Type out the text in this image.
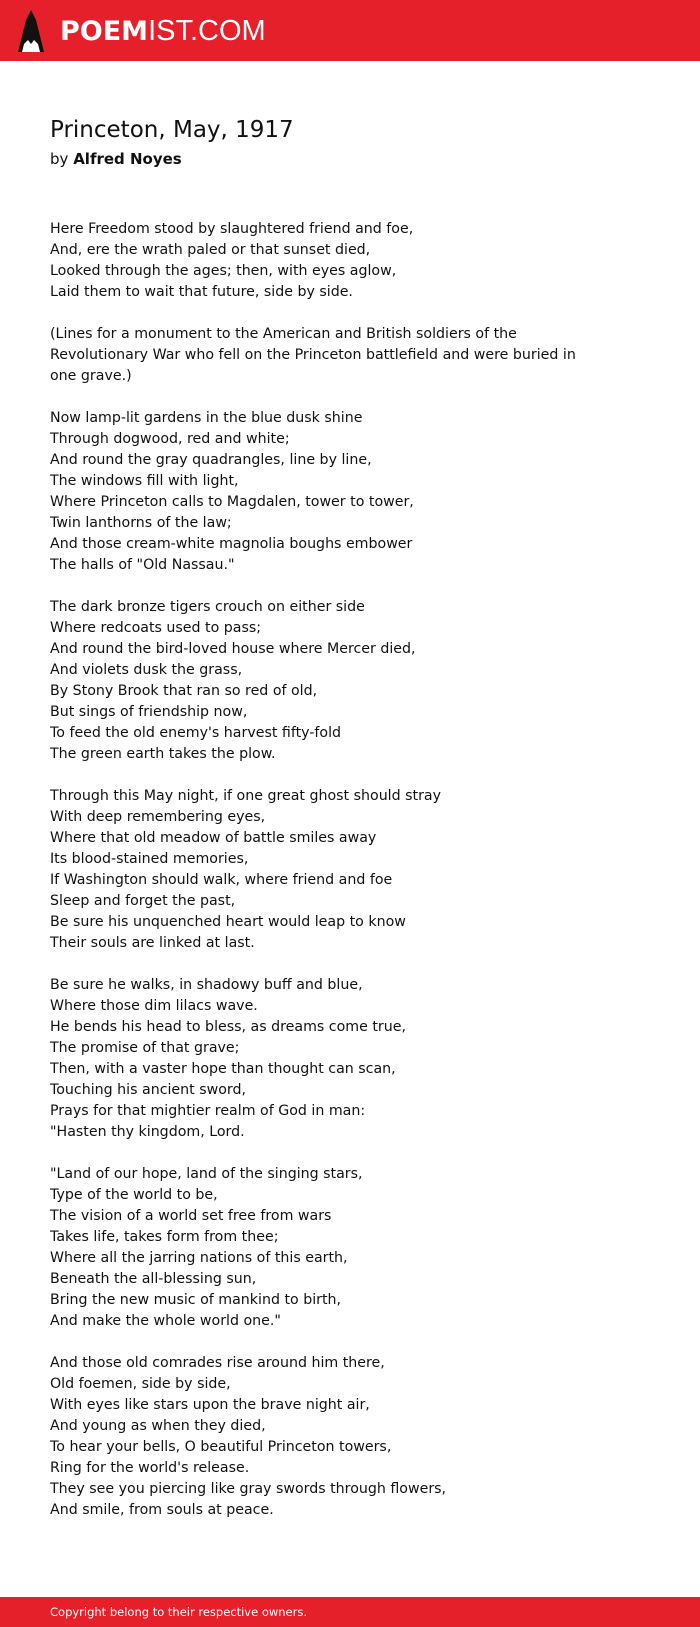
POEMIST.COM
Princeton, May, 1917
by Alfred Noyes
Here Freedom stood by slaughtered friend and foe,
And, ere the wrath paled or that sunset died,
Looked through the ages; then, with eyes aglow,
Laid them to wait that future, side by side.
(Lines for a monument to the American and British soldiers of the
Revolutionary War who fell on the Princeton battlefield and were buried in
one grave.)
Now lamp-lit gardens in the blue dusk shine
Through dogwood, red and white;
And round the gray quadrangles, line by line,
The windows fill with light,
Where Princeton calls to Magdalen, tower to tower,
Twin lanthorns of the law;
And those cream-white magnolia boughs embower
The halls of "Old Nassau."
The dark bronze tigers crouch on either side
Where redcoats used to pass;
And round the bird-loved house where Mercer died,
And violets dusk the grass,
By Stony Brook that ran so red of old,
But sings of friendship now,
To feed the old enemy's harvest fifty-fold
The green earth takes the plow.
Through this May night, if one great ghost should stray
With deep remembering eyes,
Where that old meadow of battle smiles away
Its blood-stained memories,
If Washington should walk, where friend and foe
Sleep and forget the past,
Be sure his unquenched heart would leap to know
Their souls are linked at last.
Be sure he walks, in shadowy buff and blue,
Where those dim lilacs wave.
He bends his head to bless, as dreams come true,
The promise of that grave;
Then, with a vaster hope than thought can scan,
Touching his ancient sword,
Prays for that mightier realm of God in man:
"Hasten thy kingdom, Lord.
"Land of our hope, land of the singing stars,
Type of the world to be,
The vision of a world set free from wars
Takes life, takes form from thee;
Where all the jarring nations of this earth,
Beneath the all-blessing sun,
Bring the new music of mankind to birth,
And make the whole world one."
And those old comrades rise around him there,
Old foemen, side by side,
With eyes like stars upon the brave night air,
And young as when they died,
To hear your bells, O beautiful Princeton towers,
Ring for the world's release.
They see you piercing like gray swords through flowers,
And smile, from souls at peace.
Copyright belong to their respective owners.
